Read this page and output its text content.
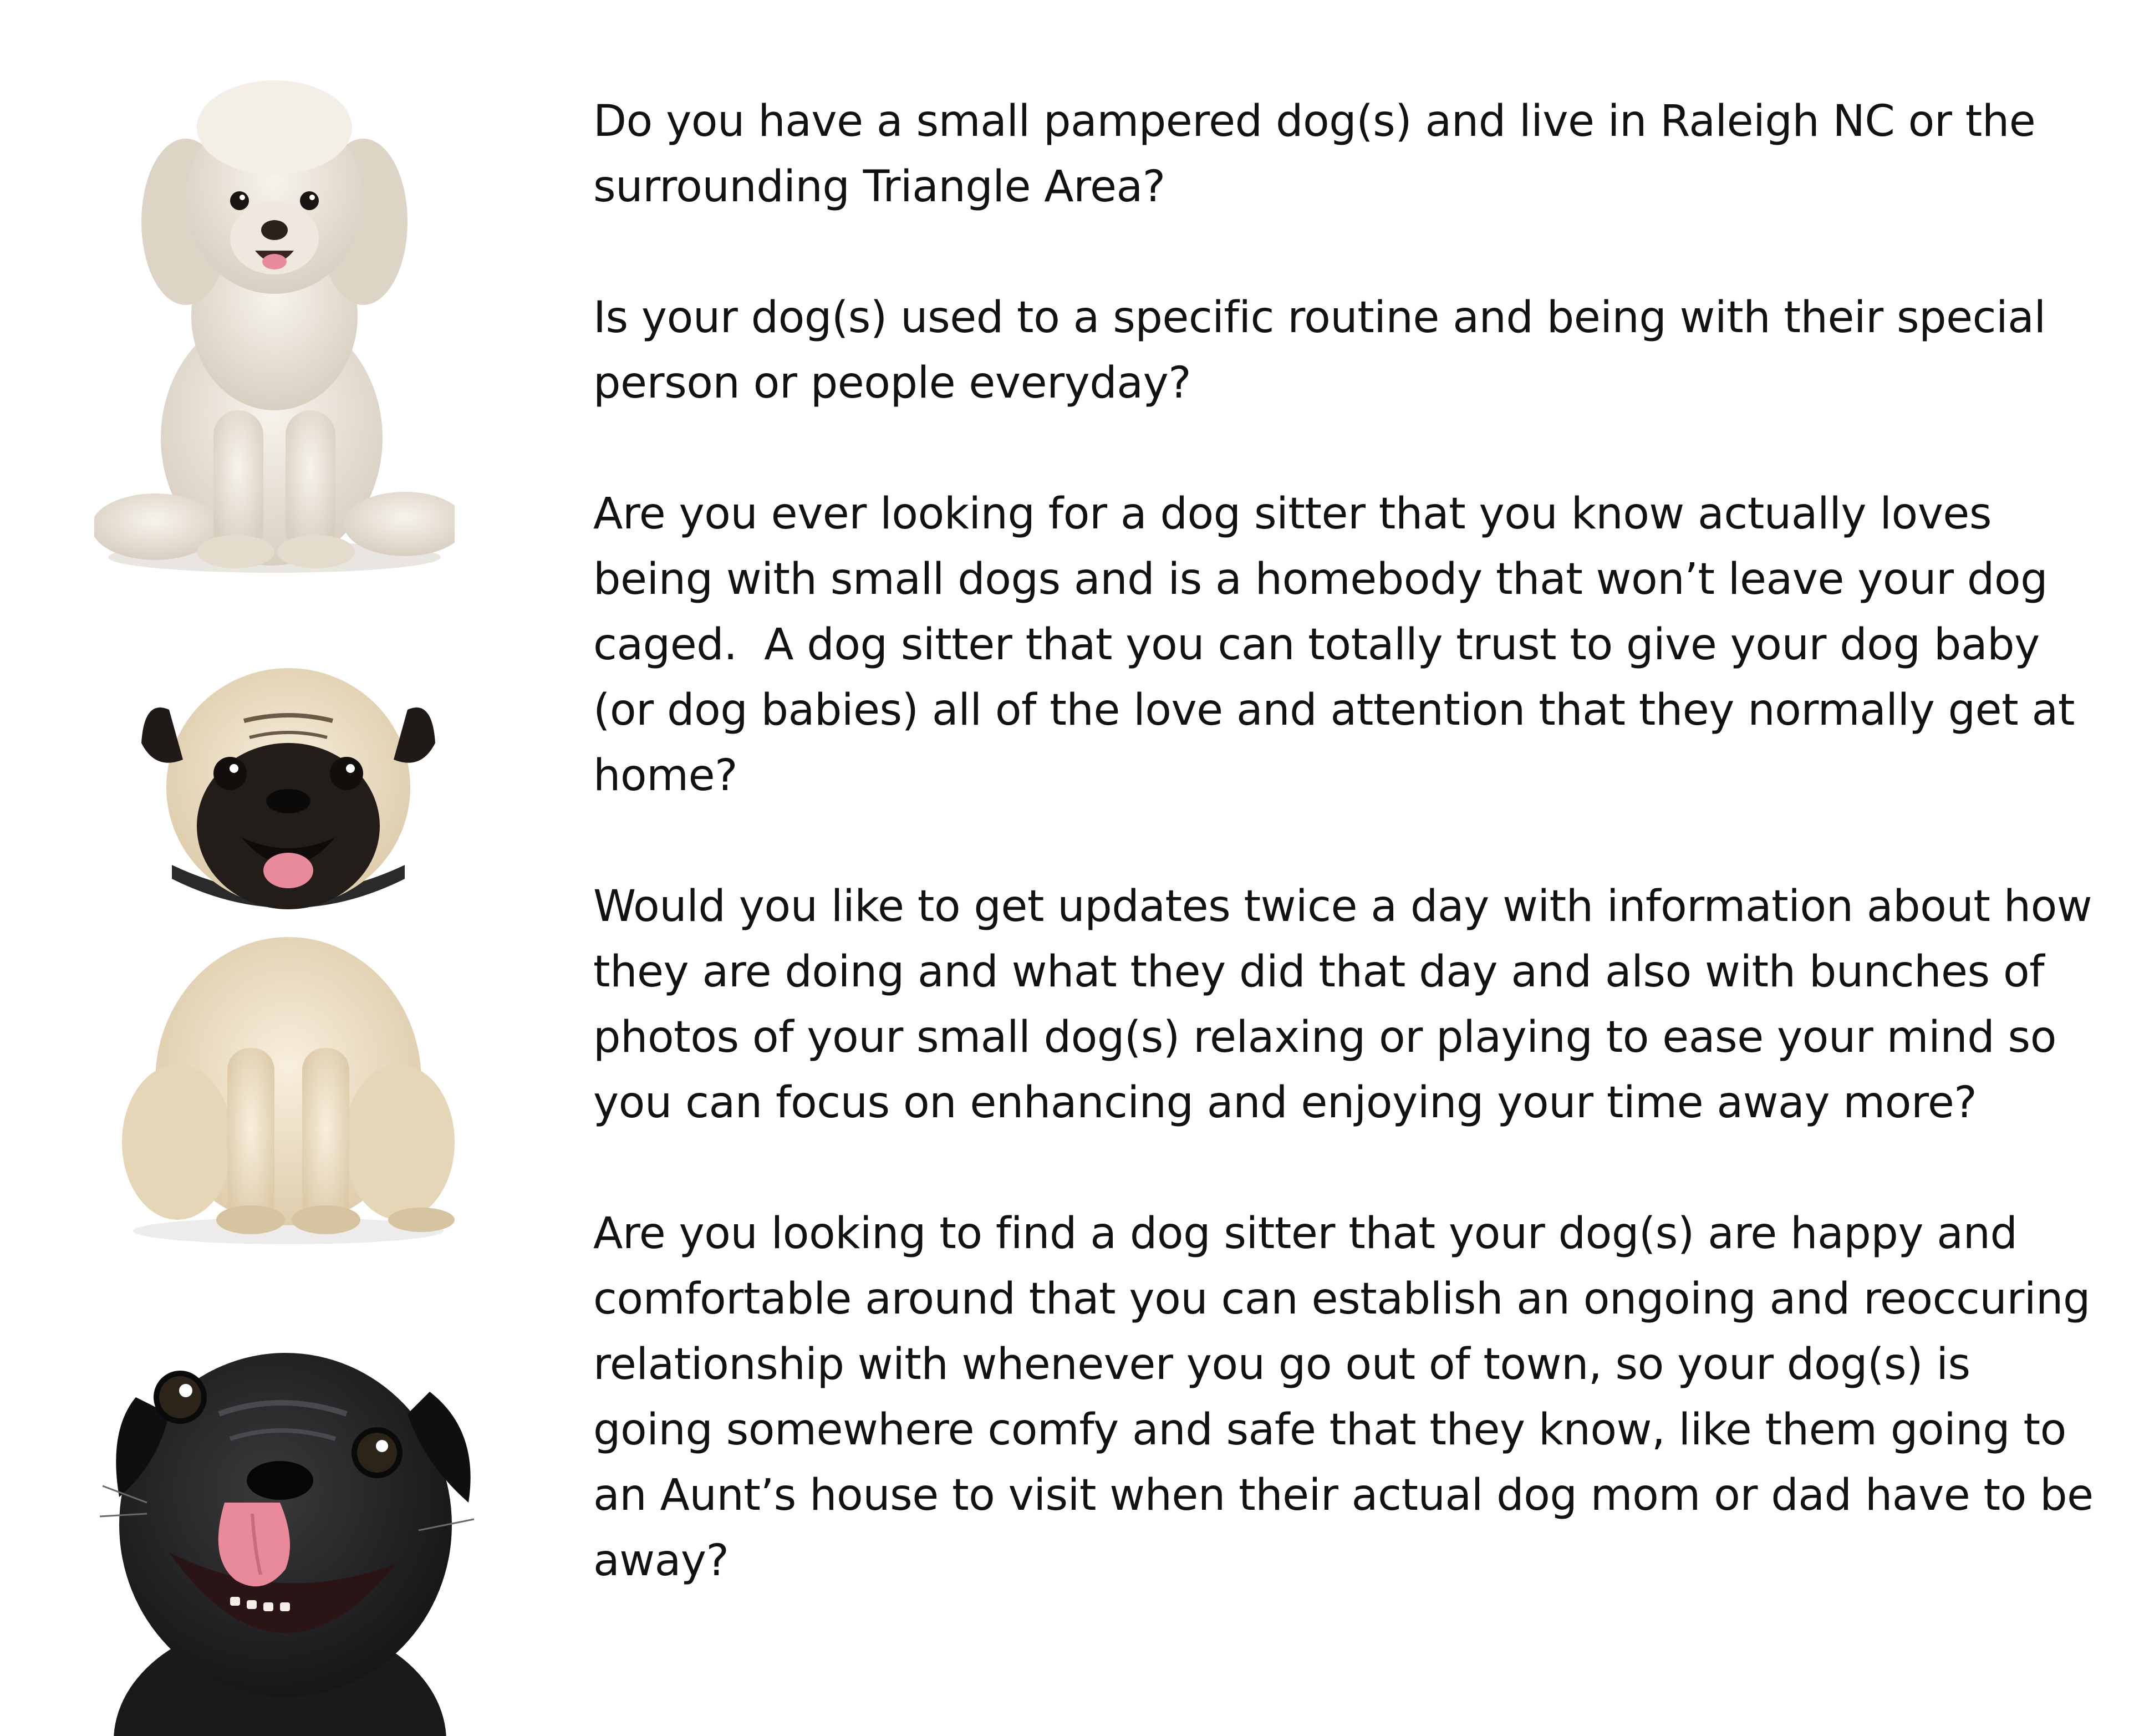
Do you have a small pampered dog(s) and live in Raleigh NC or the surrounding Triangle Area?

Is your dog(s) used to a specific routine and being with their special person or people everyday?

Are you ever looking for a dog sitter that you know actually loves being with small dogs and is a homebody that won’t leave your dog caged.  A dog sitter that you can totally trust to give your dog baby (or dog babies) all of the love and attention that they normally get at home?

Would you like to get updates twice a day with information about how they are doing and what they did that day and also with bunches of photos of your small dog(s) relaxing or playing to ease your mind so you can focus on enhancing and enjoying your time away more?

Are you looking to find a dog sitter that your dog(s) are happy and comfortable around that you can establish an ongoing and reoccuring relationship with whenever you go out of town, so your dog(s) is going somewhere comfy and safe that they know, like them going to an Aunt’s house to visit when their actual dog mom or dad have to be away?
